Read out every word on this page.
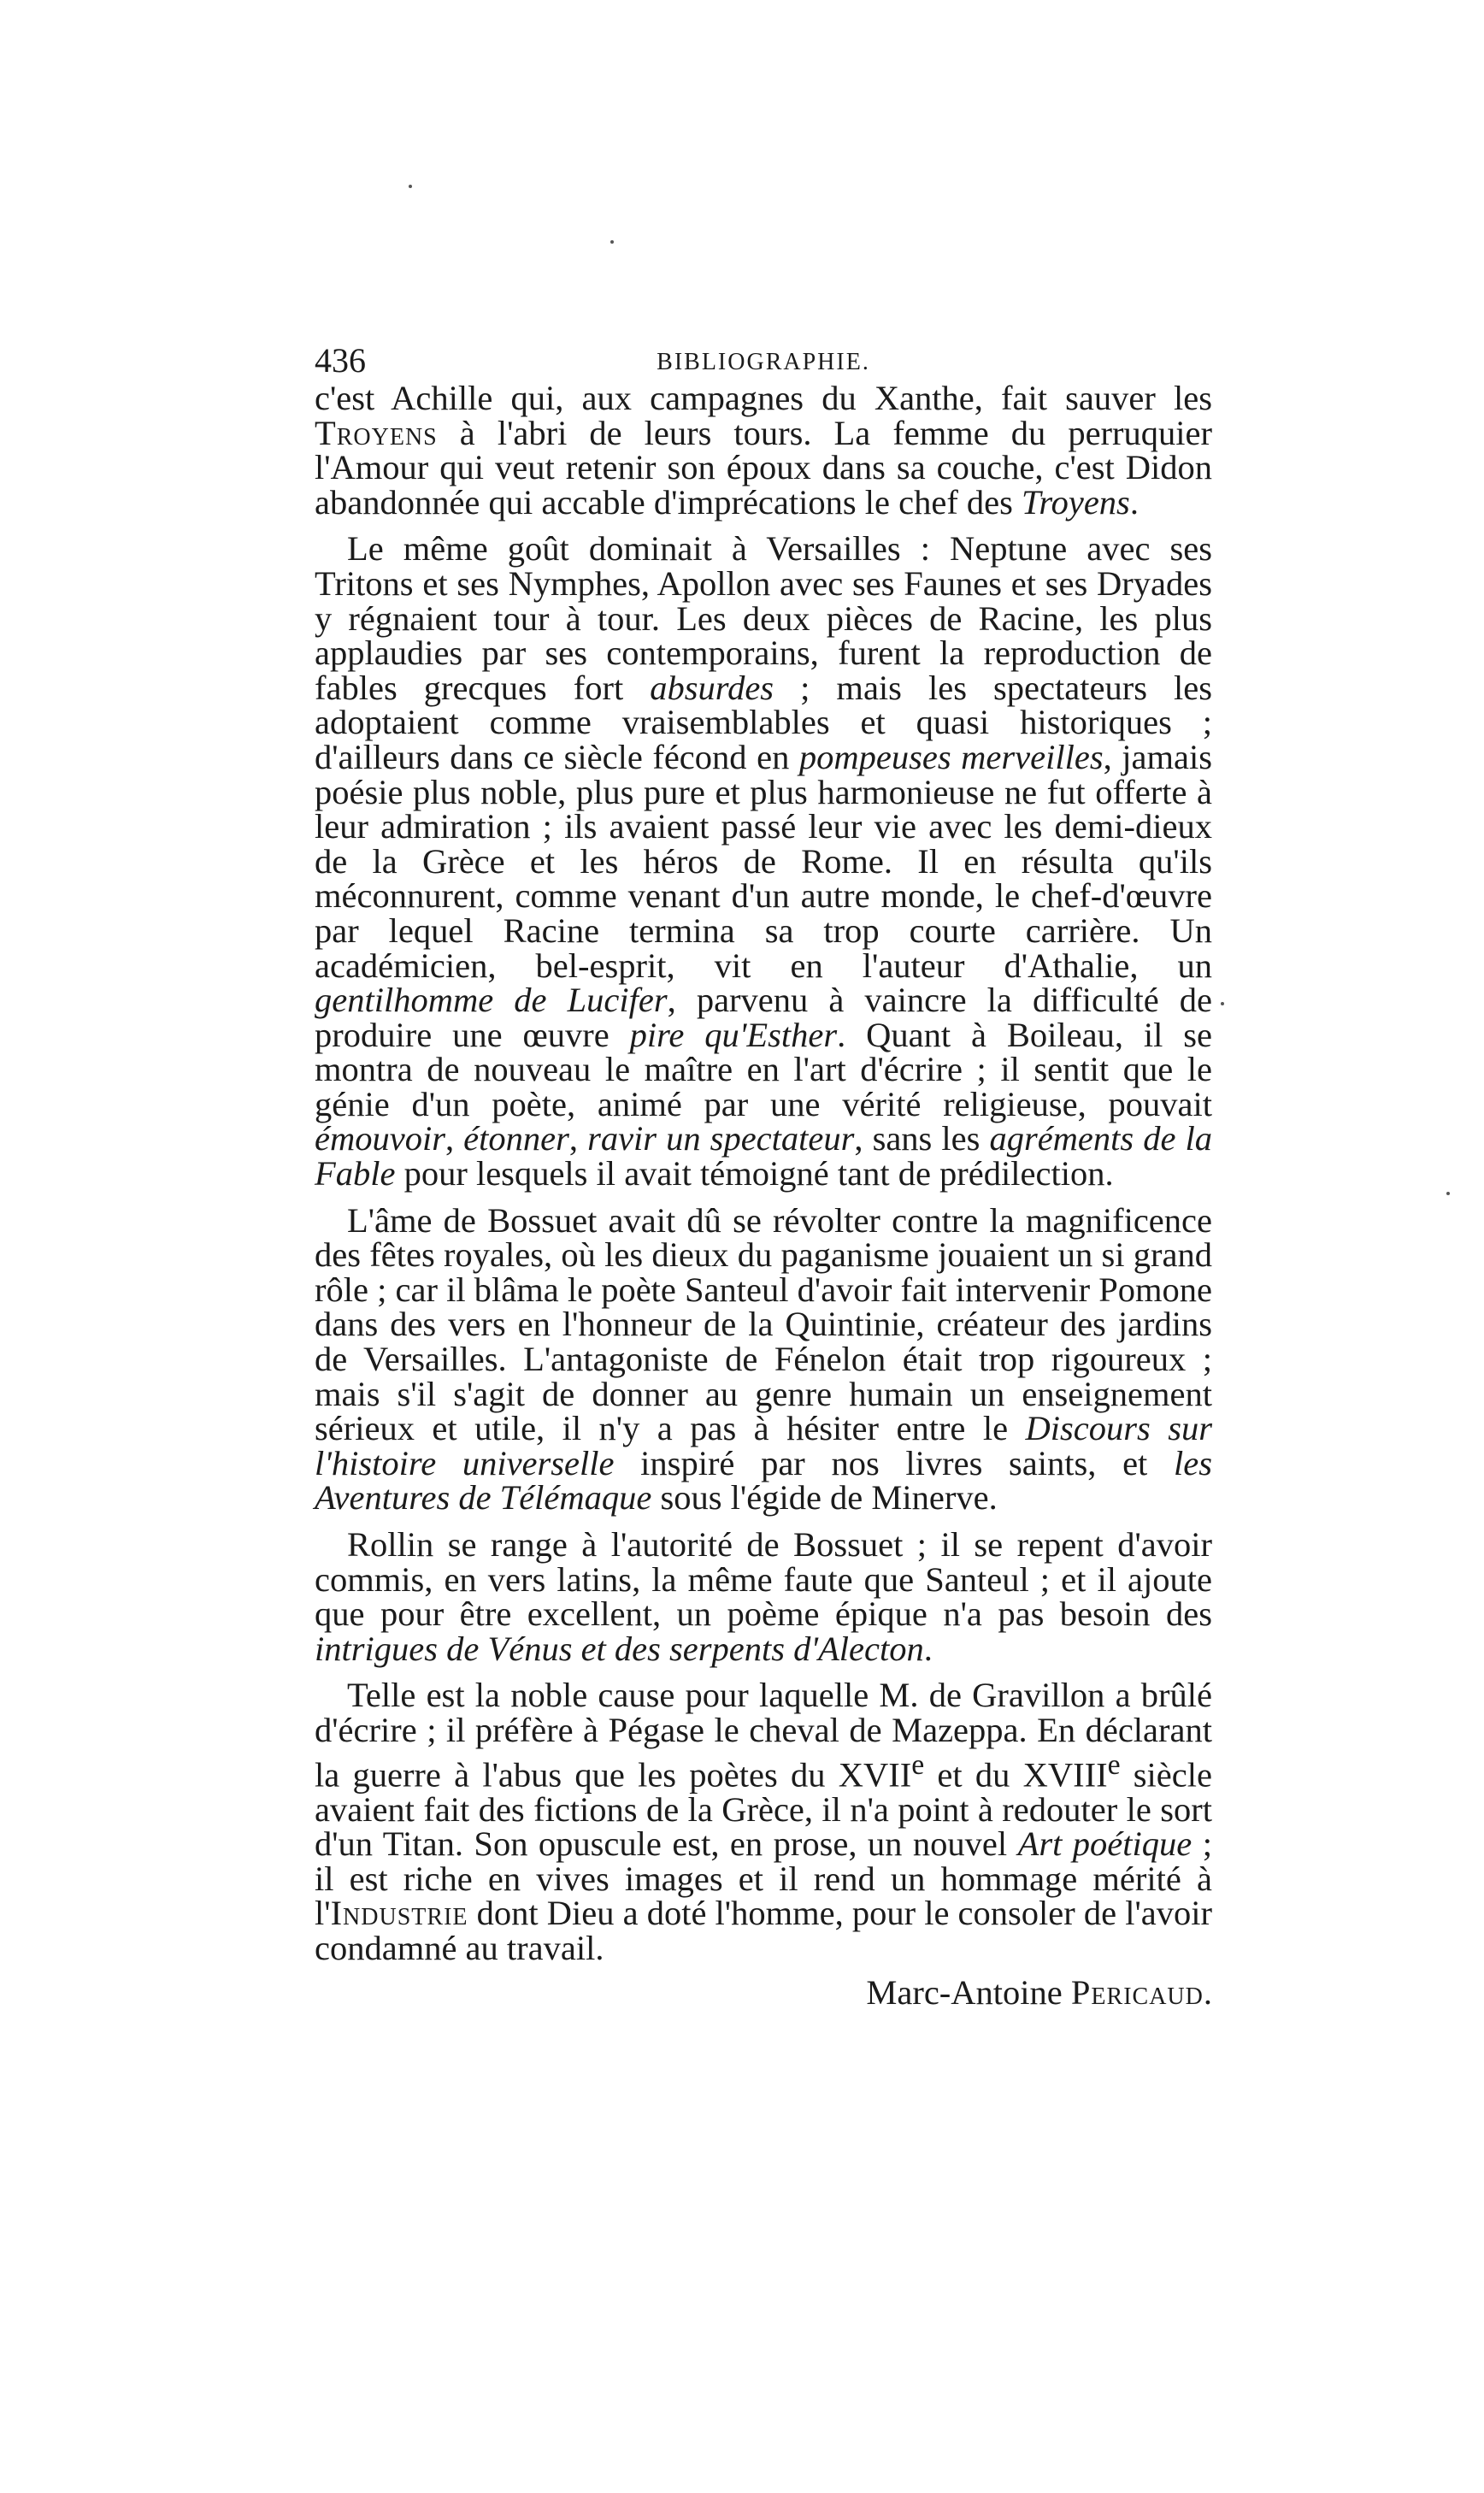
436	BIBLIOGRAPHIE.

c'est Achille qui, aux campagnes du Xanthe, fait sauver les Troyens à l'abri de leurs tours. La femme du perruquier l'Amour qui veut retenir son époux dans sa couche, c'est Didon abandonnée qui accable d'imprécations le chef des Troyens.

Le même goût dominait à Versailles : Neptune avec ses Tritons et ses Nymphes, Apollon avec ses Faunes et ses Dryades y régnaient tour à tour. Les deux pièces de Racine, les plus applaudies par ses contemporains, furent la reproduction de fables grecques fort absurdes ; mais les spectateurs les adoptaient comme vraisemblables et quasi historiques ; d'ailleurs dans ce siècle fécond en pompeuses merveilles, jamais poésie plus noble, plus pure et plus harmonieuse ne fut offerte à leur admiration ; ils avaient passé leur vie avec les demi-dieux de la Grèce et les héros de Rome. Il en résulta qu'ils méconnurent, comme venant d'un autre monde, le chef-d'œuvre par lequel Racine termina sa trop courte carrière. Un académicien, bel-esprit, vit en l'auteur d'Athalie, un gentilhomme de Lucifer, parvenu à vaincre la difficulté de produire une œuvre pire qu'Esther. Quant à Boileau, il se montra de nouveau le maître en l'art d'écrire ; il sentit que le génie d'un poète, animé par une vérité religieuse, pouvait émouvoir, étonner, ravir un spectateur, sans les agréments de la Fable pour lesquels il avait témoigné tant de prédilection.

L'âme de Bossuet avait dû se révolter contre la magnificence des fêtes royales, où les dieux du paganisme jouaient un si grand rôle ; car il blâma le poète Santeul d'avoir fait intervenir Pomone dans des vers en l'honneur de la Quintinie, créateur des jardins de Versailles. L'antagoniste de Fénelon était trop rigoureux ; mais s'il s'agit de donner au genre humain un enseignement sérieux et utile, il n'y a pas à hésiter entre le Discours sur l'histoire universelle inspiré par nos livres saints, et les Aventures de Télémaque sous l'égide de Minerve.

Rollin se range à l'autorité de Bossuet ; il se repent d'avoir commis, en vers latins, la même faute que Santeul ; et il ajoute que pour être excellent, un poème épique n'a pas besoin des intrigues de Vénus et des serpents d'Alecton.

Telle est la noble cause pour laquelle M. de Gravillon a brûlé d'écrire ; il préfère à Pégase le cheval de Mazeppa. En déclarant la guerre à l'abus que les poètes du XVIIe et du XVIIIe siècle avaient fait des fictions de la Grèce, il n'a point à redouter le sort d'un Titan. Son opuscule est, en prose, un nouvel Art poétique ; il est riche en vives images et il rend un hommage mérité à l'Industrie dont Dieu a doté l'homme, pour le consoler de l'avoir condamné au travail.

Marc-Antoine Pericaud.
